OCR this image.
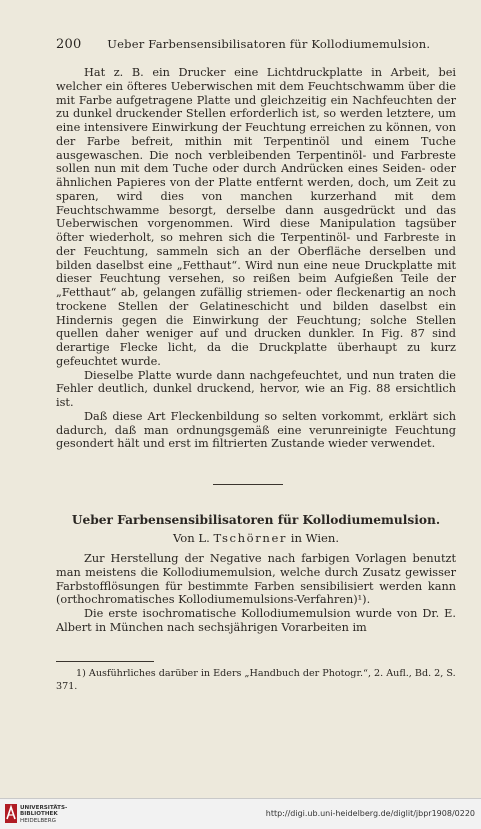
200 Ueber Farbensensibilisatoren für Kollodiumemulsion.

Hat z. B. ein Drucker eine Lichtdruckplatte in Arbeit, bei welcher ein öfteres Ueberwischen mit dem Feuchtschwamm über die mit Farbe aufgetragene Platte und gleichzeitig ein Nachfeuchten der zu dunkel druckender Stellen erforderlich ist, so werden letztere, um eine intensivere Einwirkung der Feuchtung erreichen zu können, von der Farbe befreit, mithin mit Terpentinöl und einem Tuche ausgewaschen. Die noch verbleibenden Terpentinöl- und Farbreste sollen nun mit dem Tuche oder durch Andrücken eines Seiden- oder ähnlichen Papieres von der Platte entfernt werden, doch, um Zeit zu sparen, wird dies von manchen kurzerhand mit dem Feuchtschwamme besorgt, derselbe dann ausgedrückt und das Ueberwischen vorgenommen. Wird diese Manipulation tagsüber öfter wiederholt, so mehren sich die Terpentinöl- und Farbreste in der Feuchtung, sammeln sich an der Oberfläche derselben und bilden daselbst eine „Fetthaut“. Wird nun eine neue Druckplatte mit dieser Feuchtung versehen, so reißen beim Aufgießen Teile der „Fetthaut“ ab, gelangen zufällig striemen- oder fleckenartig an noch trockene Stellen der Gelatineschicht und bilden daselbst ein Hindernis gegen die Einwirkung der Feuchtung; solche Stellen quellen daher weniger auf und drucken dunkler. In Fig. 87 sind derartige Flecke licht, da die Druckplatte überhaupt zu kurz gefeuchtet wurde.

Dieselbe Platte wurde dann nachgefeuchtet, und nun traten die Fehler deutlich, dunkel druckend, hervor, wie an Fig. 88 ersichtlich ist.

Daß diese Art Fleckenbildung so selten vorkommt, erklärt sich dadurch, daß man ordnungsgemäß eine verunreinigte Feuchtung gesondert hält und erst im filtrierten Zustande wieder verwendet.

Ueber Farbensensibilisatoren für Kollodiumemulsion.
Von L. Tschörner in Wien.

Zur Herstellung der Negative nach farbigen Vorlagen benutzt man meistens die Kollodiumemulsion, welche durch Zusatz gewisser Farbstofflösungen für bestimmte Farben sensibilisiert werden kann (orthochromatisches Kollodiumemulsions-Verfahren)¹).

Die erste isochromatische Kollodiumemulsion wurde von Dr. E. Albert in München nach sechsjährigen Vorarbeiten im

1) Ausführliches darüber in Eders „Handbuch der Photogr.“, 2. Aufl., Bd. 2, S. 371.

UNIVERSITÄTS-
BIBLIOTHEK
HEIDELBERG
http://digi.ub.uni-heidelberg.de/diglit/jbpr1908/0220
